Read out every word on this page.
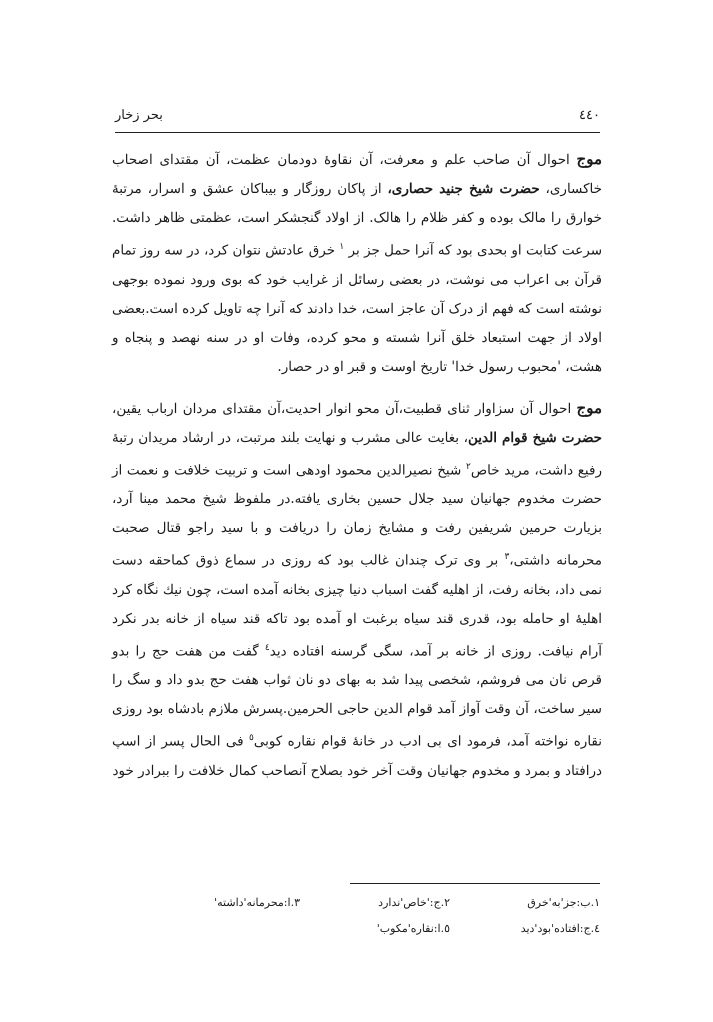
بحر زخار	٤٤٠

موج احوال آن صاحب علم و معرفت، آن نقاوۀ دودمان عظمت، آن مقتدای اصحاب خاکساری، حضرت شیخ جنید حصاری، از پاکان روزگار و بیباکان عشق و اسرار، مرتبۀ خوارق را مالک بوده و کفر ظلام را هالک. از اولاد گنجشکر است، عظمتی ظاهر داشت. سرعت کتابت او بحدی بود که آنرا حمل جز بر $^١$ خرق عادتش نتوان کرد، در سه روز تمام قرآن بی اعراب می نوشت، در بعضی رسائل از غرایب خود که بوی ورود نموده بوجهی نوشته است که فهم از درک آن عاجز است، خدا دادند که آنرا چه تاویل کرده است.بعضی اولاد از جهت استبعاد خلق آنرا شسته و محو کرده، وفات او در سنه نهصد و پنجاه و هشت، 'محبوب رسول خدا' تاریخ اوست و قبر او در حصار.

موج احوال آن سزاوار ثنای قطبیت،آن محو انوار احدیت،آن مقتدای مردان ارباب یقین، حضرت شیخ قوام الدین، بغایت عالی مشرب و نهایت بلند مرتبت، در ارشاد مریدان رتبۀ رفیع داشت، مرید خاص$^٢$ شیخ نصیرالدین محمود اودهی است و تربیت خلافت و نعمت از حضرت مخدوم جهانیان سید جلال حسین بخاری یافته.در ملفوظ شیخ محمد مینا آرد، بزیارت حرمین شریفین رفت و مشایخ زمان را دریافت و با سید راجو قتال صحبت محرمانه داشتی،$^٣$ بر وی ترک چندان غالب بود که روزی در سماع ذوق کماحقه دست نمی داد، بخانه رفت، از اهلیه گفت اسباب دنیا چیزی بخانه آمده است، چون نیك نگاه کرد اهلیۀ او حامله بود، قدری قند سیاه برغبت او آمده بود تاکه قند سیاه از خانه بدر نکرد آرام نیافت. روزی از خانه بر آمد، سگی گرسنه افتاده دید$^٤$ گفت من هفت حج را بدو قرص نان می فروشم، شخصی پیدا شد به بهای دو نان ثواب هفت حج بدو داد و سگ را سیر ساخت، آن وقت آواز آمد قوام الدین حاجی الحرمین.پسرش ملازم بادشاه بود روزی نقاره نواخته آمد، فرمود ای بی ادب در خانۀ قوام نقاره کوبی$^٥$ فی الحال پسر از اسپ درافتاد و بمرد و مخدوم جهانیان وقت آخر خود بصلاح آنصاحب کمال خلافت را ببرادر خود

١.ب:جز'به'خرق
٢.ج:'خاص'ندارد
٣.ا:محرمانه'داشته'
٤.ج:افتاده'بود'دید
٥.ا:نقاره'مکوب'
